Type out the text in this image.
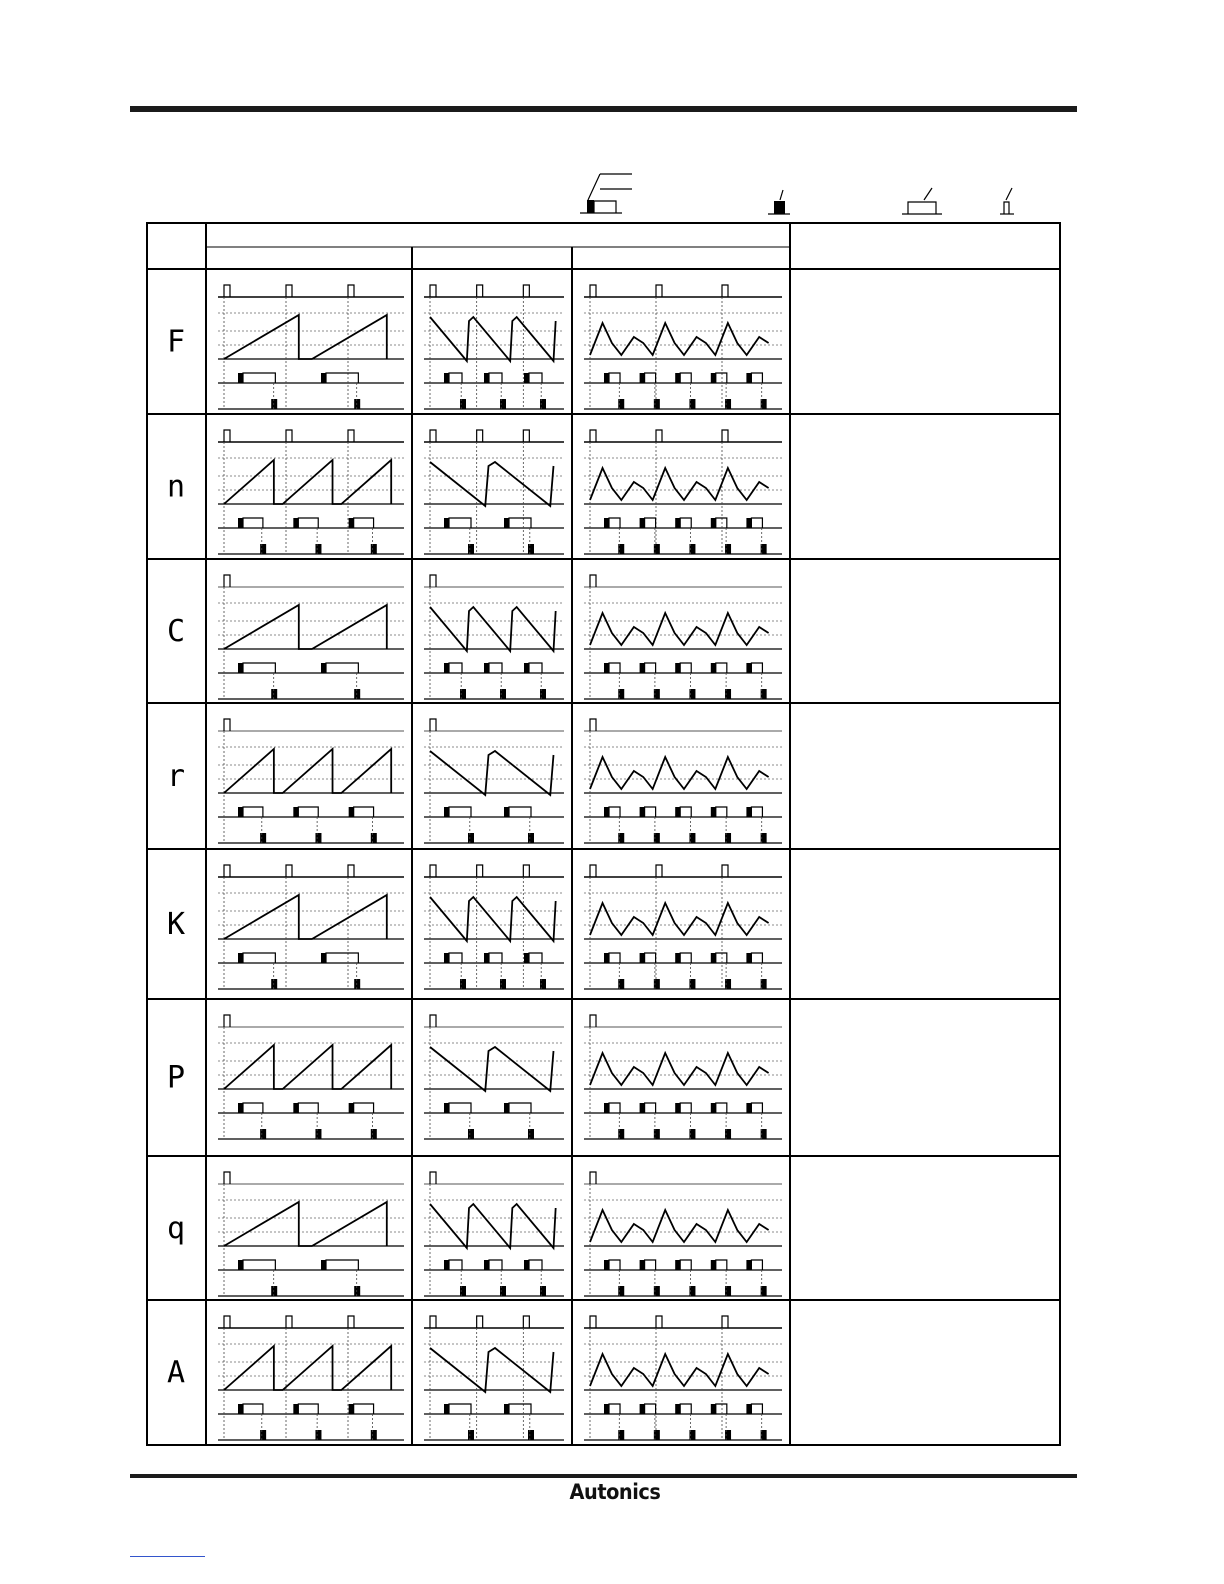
F
n
C
r
K
P
q
A
Autonics
